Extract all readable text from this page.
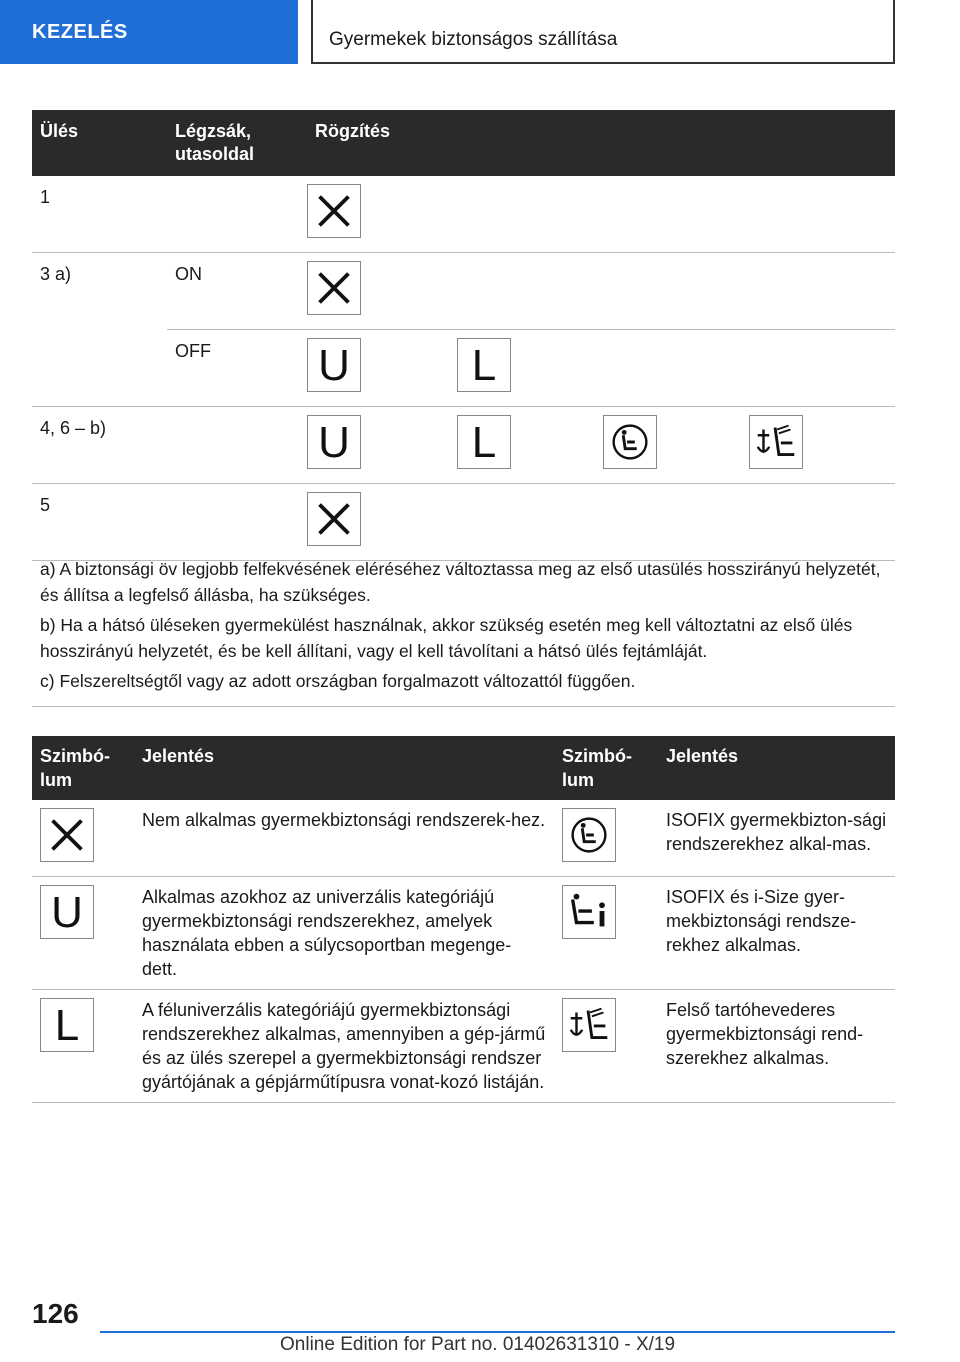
KEZELÉS	Gyermekek biztonságos szállítása
Ülés	Légzsák, utasoldal	Rögzítés			
1		

3 a)	ON	

	OFF	U	L		

4, 6 – b)		U	L

5		

a) A biztonsági öv legjobb felfekvésének eléréséhez változtassa meg az első utasülés hosszirányú helyzetét, és állítsa a legfelső állásba, ha szükséges.

b) Ha a hátsó üléseken gyermekülést használnak, akkor szükség esetén meg kell változtatni az első ülés hosszirányú helyzetét, és be kell állítani, vagy el kell távolítani a hátsó ülés fejtámláját.

c) Felszereltségtől vagy az adott országban forgalmazott változattól függően.

Szimbó-lum	Jelentés	Szimbó-lum	Jelentés

	Nem alkalmas gyermekbiztonsági rendszerek-hez.		ISOFIX gyermekbizton-sági rendszerekhez alkal-mas.

U	Alkalmas azokhoz az univerzális kategóriájú gyermekbiztonsági rendszerekhez, amelyek használata ebben a súlycsoportban megenge-dett.		ISOFIX és i-Size gyer-mekbiztonsági rendsze-rekhez alkalmas.

L	A féluniverzális kategóriájú gyermekbiztonsági rendszerekhez alkalmas, amennyiben a gép-jármű és az ülés szerepel a gyermekbiztonsági rendszer gyártójának a gépjárműtípusra vonat-kozó listáján.		Felső tartóhevederes gyermekbiztonsági rend-szerekhez alkalmas.
126
Online Edition for Part no. 01402631310 - X/19
